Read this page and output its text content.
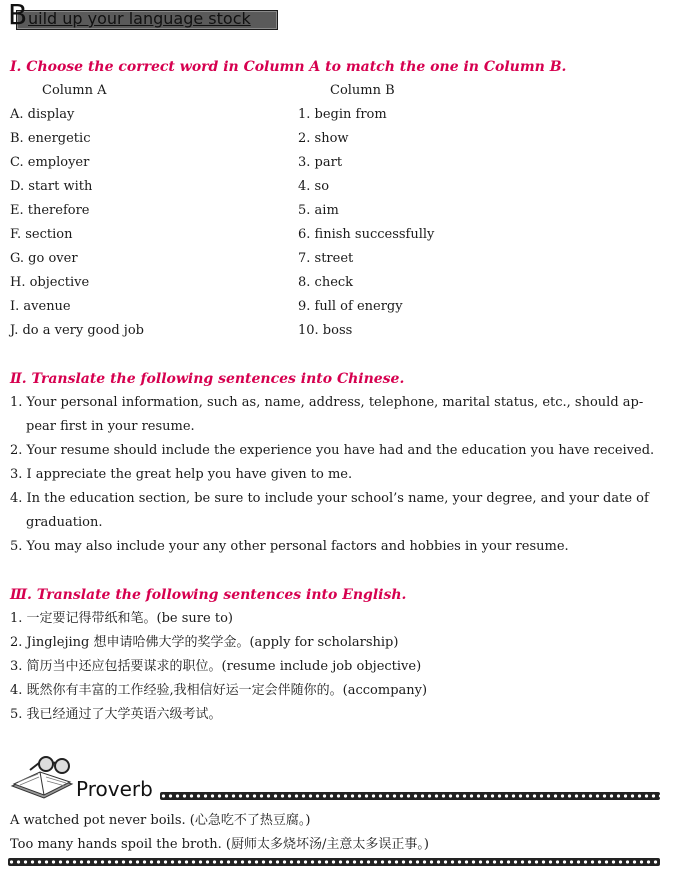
B uild up your language stock
Ⅰ. Choose the correct word in Column A to match the one in Column B.
Column A	Column B
A. display
B. energetic
C. employer
D. start with
E. therefore
F. section
G. go over
H. objective
I. avenue
J. do a very good job
1. begin from
2. show
3. part
4. so
5. aim
6. finish successfully
7. street
8. check
9. full of energy
10. boss
Ⅱ. Translate the following sentences into Chinese.
1. Your personal information, such as, name, address, telephone, marital status, etc., should ap-
pear first in your resume.
2. Your resume should include the experience you have had and the education you have received.
3. I appreciate the great help you have given to me.
4. In the education section, be sure to include your school’s name, your degree, and your date of
graduation.
5. You may also include your any other personal factors and hobbies in your resume.
Ⅲ. Translate the following sentences into English.
1. 一定要记得带纸和笔。(be sure to)
2. Jinglejing 想申请哈佛大学的奖学金。(apply for scholarship)
3. 简历当中还应包括要谋求的职位。(resume include job objective)
4. 既然你有丰富的工作经验,我相信好运一定会伴随你的。(accompany)
5. 我已经通过了大学英语六级考试。
Proverb
A watched pot never boils. (心急吃不了热豆腐。)
Too many hands spoil the broth. (厨师太多烧坏汤/主意太多误正事。)
